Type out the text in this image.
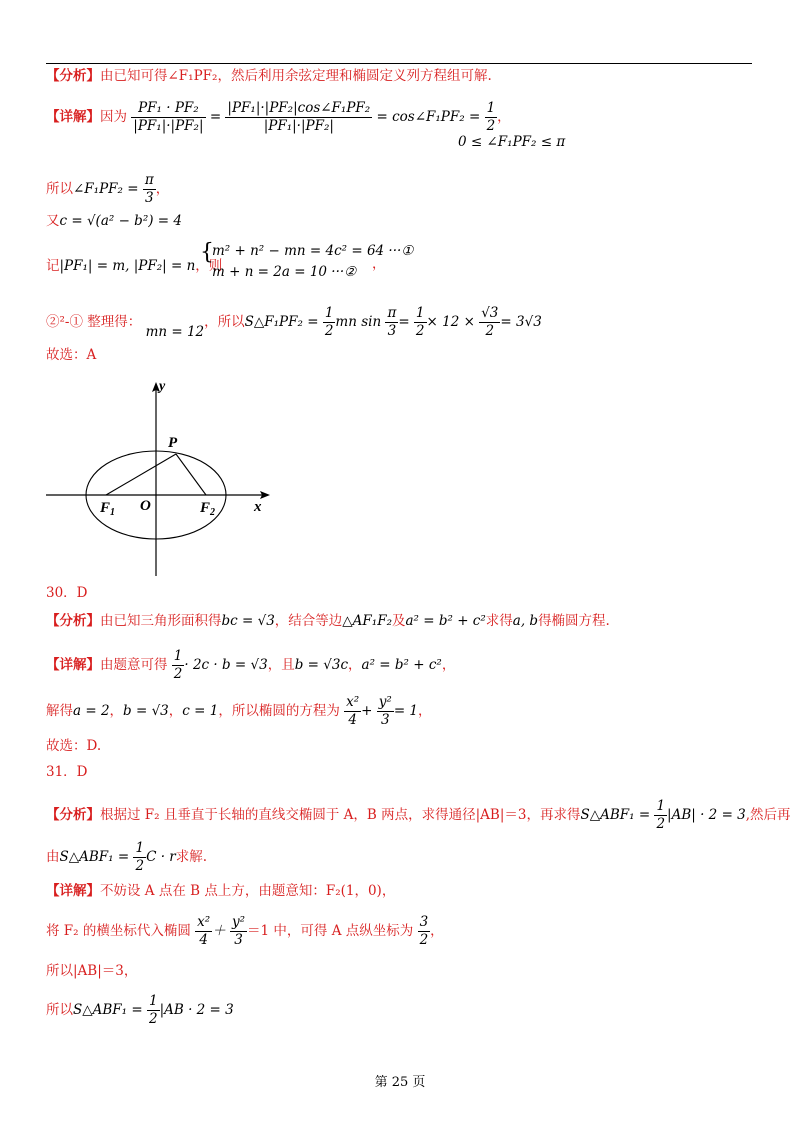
【分析】由已知可得∠F₁PF₂，然后利用余弦定理和椭圆定义列方程组可解.
【详解】因为 $\frac{\text{PF₁ · PF₂}}{\text{|PF₁|·|PF₂|}} = \frac{\text{|PF₁|·|PF₂|cos∠F₁PF₂}}{\text{|PF₁|·|PF₂|}}$ = cos∠F₁PF₂ = $\frac{1}{2}$ ，
0 ≤ ∠F₁PF₂ ≤ π
所以∠F₁PF₂ = $\frac{\pi}{3}$ ，
又c = √(a² − b²) = 4
记|PF₁| = m, |PF₂| = n，则
{
m² + n² − mn = 4c² = 64 ···①
m + n = 2a = 10 ···② ，
②²-① 整理得： mn = 12，所以S△F₁PF₂ = $\frac{1}{2}$ mn $\sin \frac{\pi}{3} = \frac{1}{2} \times 12 \times \frac{√3}{2} = 3√3$
故选：A
y
x
P
O
$F_1$	$F_2$
30．D
【分析】由已知三角形面积得bc = √3，结合等边△AF₁F₂及a² = b² + c²求得a, b得椭圆方程.
【详解】由题意可得 $\frac{1}{2} \cdot 2c \cdot b = √3$，且b = √3c，a² = b² + c²，
解得a = 2，b = √3，c = 1，所以椭圆的方程为 $\frac{\text{x²}}{4} + \frac{\text{y²}}{3} = 1$，
故选：D.
31．D
【分析】根据过 F₂ 且垂直于长轴的直线交椭圆于 A，B 两点，求得通径|AB|＝3，再求得S△ABF₁ = $\frac{1}{2} |AB| \cdot 2 = 3$,然后再
由S△ABF₁ = $\frac{1}{2}$ C · r求解.
【详解】不妨设 A 点在 B 点上方，由题意知：F₂(1，0)，
将 F₂ 的横坐标代入椭圆 $\frac{\text{x²}}{4} + \frac{\text{y²}}{3} =1$ 中，可得 A 点纵坐标为 $\frac{3}{2}$ ，
所以|AB|＝3，
所以S△ABF₁ = $\frac{1}{2} |AB \cdot 2 = 3$
第 25 页
